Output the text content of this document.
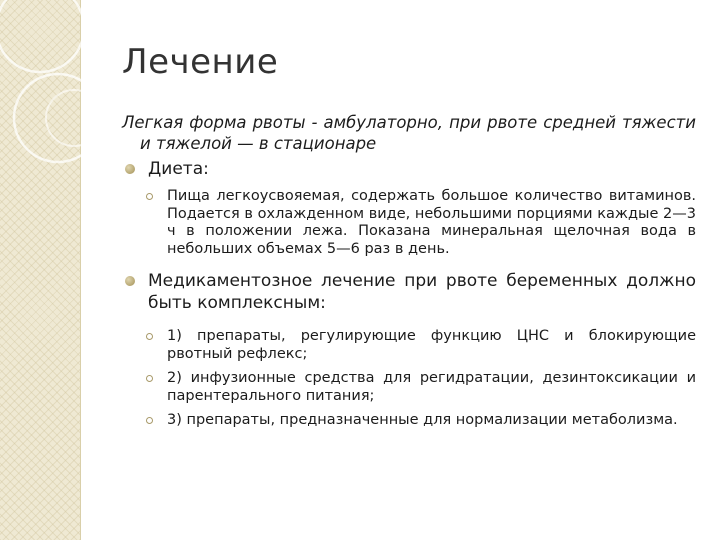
Лечение

Легкая форма рвоты - амбулаторно, при рвоте средней тяжести и тяжелой — в стационаре

Диета:
Пища легкоусвояемая, содержать большое количество витаминов. Подается в охлажденном виде, небольшими порциями каждые 2—3 ч в положении лежа. Показана минеральная щелочная вода в небольших объемах 5—6 раз в день.
Медикаментозное лечение при рвоте беременных должно быть комплексным:
1) препараты, регулирующие функцию ЦНС и блокирующие рвотный рефлекс;
2) инфузионные средства для регидратации, дезинтоксикации и парентерального питания;
3) препараты, предназначенные для нормализации метаболизма.
